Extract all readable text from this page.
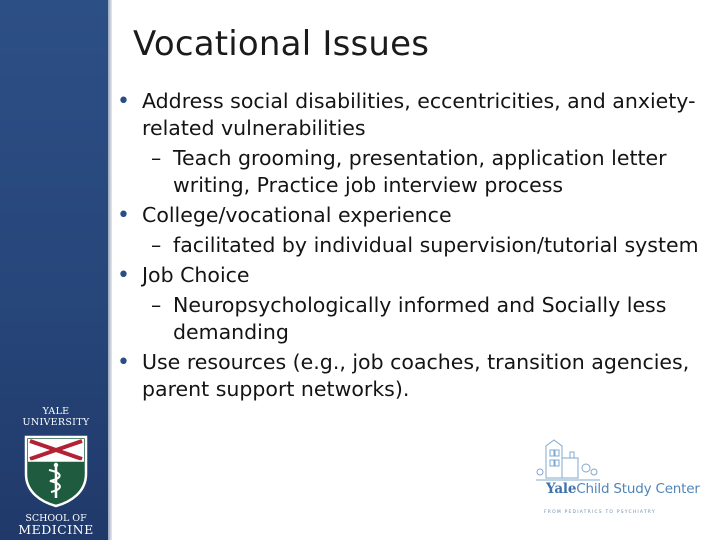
Vocational Issues
• Address social disabilities, eccentricities, and anxiety-related vulnerabilities
– Teach grooming, presentation, application letter writing, Practice job interview process
• College/vocational experience
– facilitated by individual supervision/tutorial system
• Job Choice
– Neuropsychologically informed and Socially less demanding
• Use resources (e.g., job coaches, transition agencies, parent support networks).
YALE UNIVERSITY
SCHOOL OF
MEDICINE
YaleChild Study Center
FROM PEDIATRICS TO PSYCHIATRY
